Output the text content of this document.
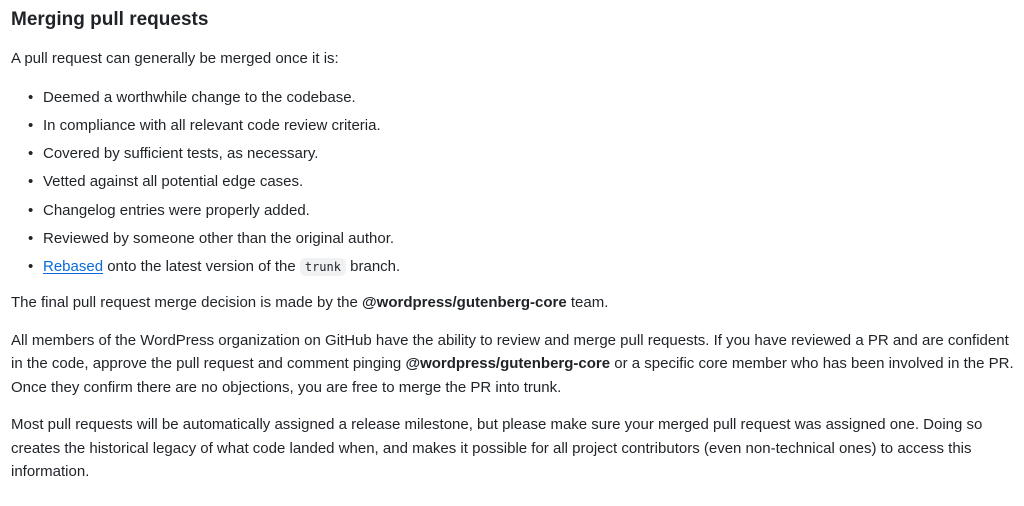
Merging pull requests

A pull request can generally be merged once it is:

• Deemed a worthwhile change to the codebase.
• In compliance with all relevant code review criteria.
• Covered by sufficient tests, as necessary.
• Vetted against all potential edge cases.
• Changelog entries were properly added.
• Reviewed by someone other than the original author.
• Rebased onto the latest version of the trunk branch.

The final pull request merge decision is made by the @wordpress/gutenberg-core team.

All members of the WordPress organization on GitHub have the ability to review and merge pull requests. If you have reviewed a PR and are confident in the code, approve the pull request and comment pinging @wordpress/gutenberg-core or a specific core member who has been involved in the PR. Once they confirm there are no objections, you are free to merge the PR into trunk.

Most pull requests will be automatically assigned a release milestone, but please make sure your merged pull request was assigned one. Doing so creates the historical legacy of what code landed when, and makes it possible for all project contributors (even non-technical ones) to access this information.
